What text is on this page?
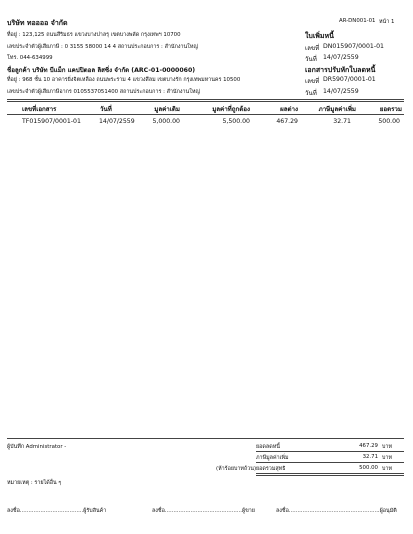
บริษัท ทออออ จำกัด
ที่อยู่ : 123,125 ถนนสีริมธร แขวงบางปาลรุ เขตบางพลัด กรุงเทพฯ 10700
เลขประจำตัวผู้เสียภาษี : 0 3155 58000 14 4 สถานประกอบการ : สำนักงานใหญ่
โทร. 044-634999
ชื่อลูกค้า บริษัท บีแม็ก แคปปิตอล ลิสซิ่ง จำกัด (ARC-01-0000060)
ที่อยู่ : 968 ชั้น 10 อาคารยิ่งจิตเหลือง ถนนพระราม 4 แขวงสีลม เขตบางรัก กรุงเทพมหานคร 10500
เลขประจำตัวผู้เสียภาษีอากร 0105537051400 สถานประกอบการ : สำนักงานใหญ่
AR-DN001-01 หน้า 1
ใบเพิ่มหนี้
เลขที่ DN015907/0001-01
วันที่ 14/07/2559
เอกสารปรับหักใบลดหนี้
เลขที่ DR5907/0001-01
วันที่ 14/07/2559
เลขที่เอกสาร	วันที่	มูลค่าเดิม	มูลค่าที่ถูกต้อง	ผลต่าง	ภาษีมูลค่าเพิ่ม	ยอดรวม
TF015907/0001-01	14/07/2559	5,000.00	5,500.00	467.29	32.71	500.00
ผู้บันทึก Administrator -	ยอดลดหนี้	467.29 บาท
ภาษีมูลค่าเพิ่ม	32.71 บาท
(ห้าร้อยบาทถ้วน) ยอดรวมสุทธิ	500.00 บาท
หมายเหตุ : รายได้อื่น ๆ
ลงชื่อ.....................................ผู้รับสินค้า	ลงชื่อ.............................................ผู้ขาย	ลงชื่อ.....................................................ผู้อนุมัติ
